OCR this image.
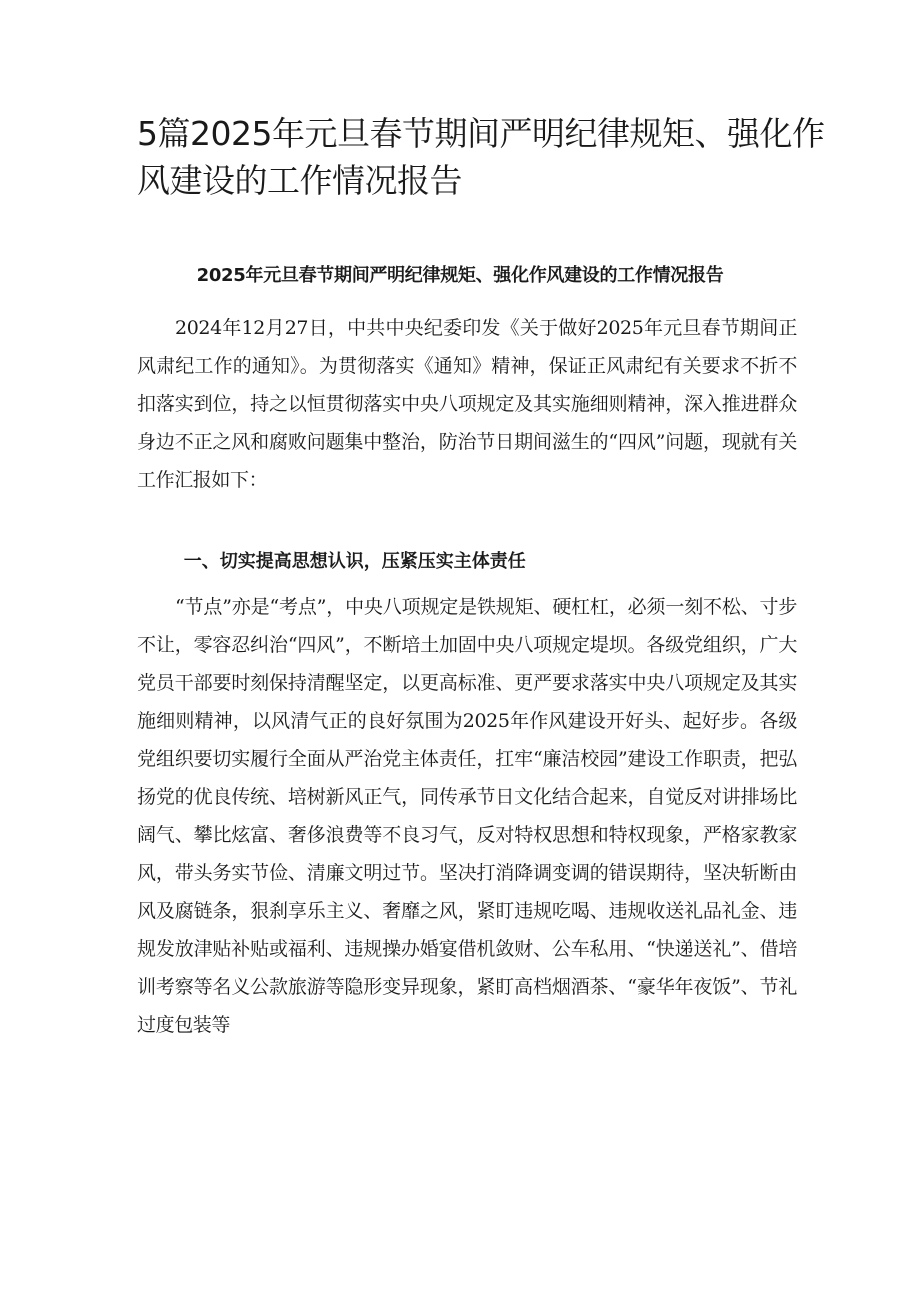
5篇2025年元旦春节期间严明纪律规矩、强化作风建设的工作情况报告
2025年元旦春节期间严明纪律规矩、强化作风建设的工作情况报告

2024年12月27日，中共中央纪委印发《关于做好2025年元旦春节期间正风肃纪工作的通知》。为贯彻落实《通知》精神，保证正风肃纪有关要求不折不扣落实到位，持之以恒贯彻落实中央八项规定及其实施细则精神，深入推进群众身边不正之风和腐败问题集中整治，防治节日期间滋生的“四风”问题，现就有关工作汇报如下：

一、切实提高思想认识，压紧压实主体责任

“节点”亦是“考点”，中央八项规定是铁规矩、硬杠杠，必须一刻不松、寸步不让，零容忍纠治“四风”，不断培土加固中央八项规定堤坝。各级党组织，广大党员干部要时刻保持清醒坚定，以更高标准、更严要求落实中央八项规定及其实施细则精神，以风清气正的良好氛围为2025年作风建设开好头、起好步。各级党组织要切实履行全面从严治党主体责任，扛牢“廉洁校园”建设工作职责，把弘扬党的优良传统、培树新风正气，同传承节日文化结合起来，自觉反对讲排场比阔气、攀比炫富、奢侈浪费等不良习气，反对特权思想和特权现象，严格家教家风，带头务实节俭、清廉文明过节。坚决打消降调变调的错误期待，坚决斩断由风及腐链条，狠刹享乐主义、奢靡之风，紧盯违规吃喝、违规收送礼品礼金、违规发放津贴补贴或福利、违规操办婚宴借机敛财、公车私用、“快递送礼”、借培训考察等名义公款旅游等隐形变异现象，紧盯高档烟酒茶、“豪华年夜饭”、节礼过度包装等
